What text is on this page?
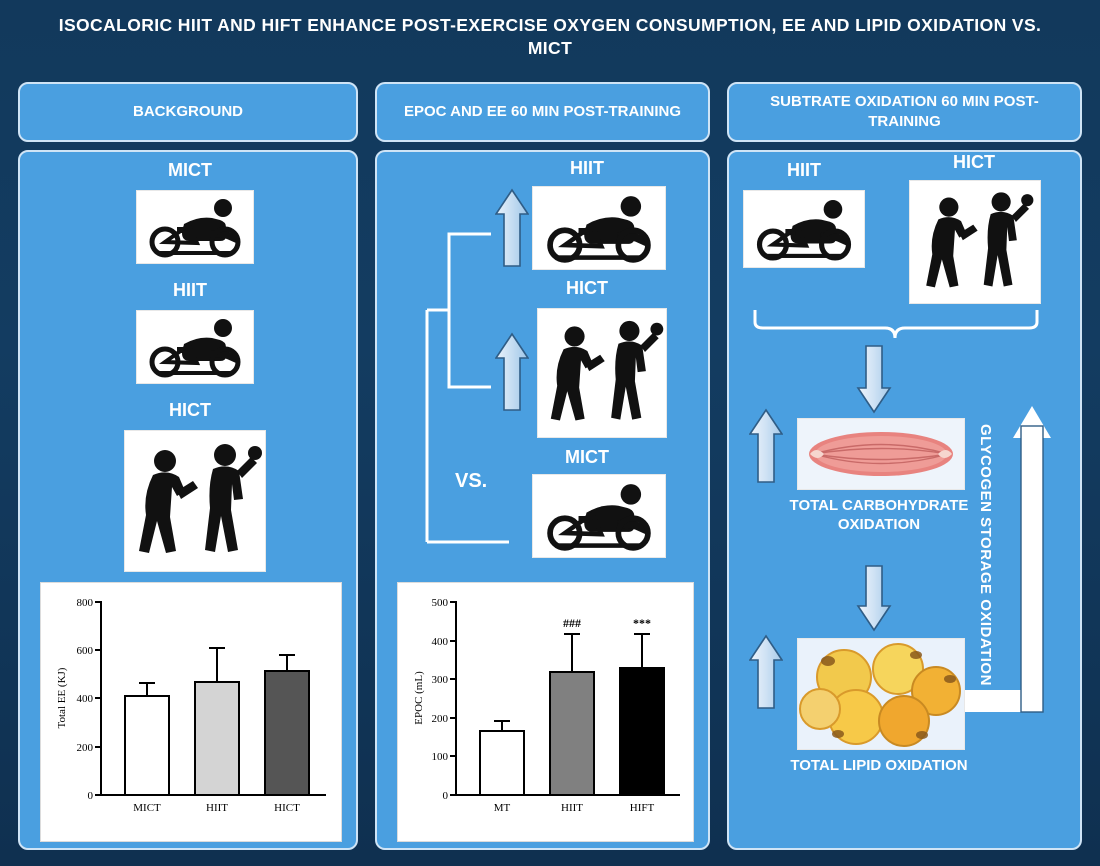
ISOCALORIC HIIT AND HIFT ENHANCE POST-EXERCISE OXYGEN CONSUMPTION, EE AND LIPID OXIDATION VS. MICT
BACKGROUND
MICT
HIIT
HICT
0
200
400
600
800
MICT	HIIT	HICT
Total EE (KJ)
EPOC AND EE 60 MIN POST-TRAINING
HIIT
HICT
MICT
VS.
0
100
200
300
400
500
###	***
MT	HIIT	HIFT
EPOC (mL)
SUBTRATE OXIDATION 60 MIN POST-TRAINING
HIIT	HICT
TOTAL CARBOHYDRATE OXIDATION
TOTAL LIPID OXIDATION
GLYCOGEN STORAGE OXIDATION
